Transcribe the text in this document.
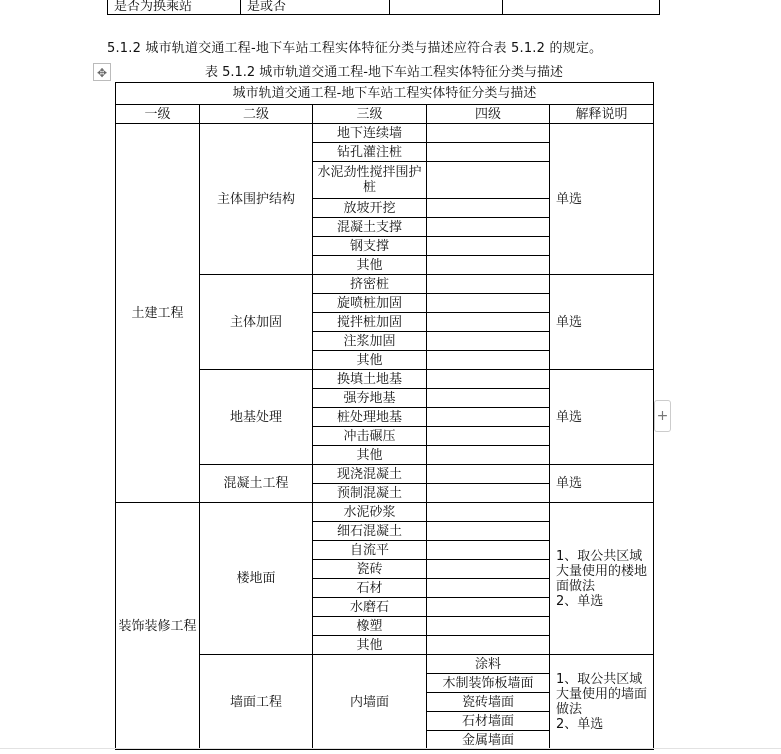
是否为换乘站	是或否		
5.1.2 城市轨道交通工程-地下车站工程实体特征分类与描述应符合表 5.1.2 的规定。
✥	表 5.1.2 城市轨道交通工程-地下车站工程实体特征分类与描述
城市轨道交通工程-地下车站工程实体特征分类与描述				
一级	二级	三级	四级	解释说明
土建工程	主体围护结构	地下连续墙		单选
		钻孔灌注桩		
		水泥劲性搅拌围护桩		
		放坡开挖		
		混凝土支撑		
		钢支撑		
		其他		
	主体加固	挤密桩		单选
		旋喷桩加固		
		搅拌桩加固		
		注浆加固		
		其他		
	地基处理	换填土地基		单选
		强夯地基		
		桩处理地基		
		冲击碾压		
		其他		
	混凝土工程	现浇混凝土		单选
		预制混凝土		
装饰装修工程	楼地面	水泥砂浆		1、取公共区域大量使用的楼地面做法
2、单选
		细石混凝土		
		自流平		
		瓷砖		
		石材		
		水磨石		
		橡塑		
		其他		
	墙面工程	内墙面	涂料	1、取公共区域大量使用的墙面做法
2、单选
			木制装饰板墙面	
			瓷砖墙面	
			石材墙面	
			金属墙面	
+
